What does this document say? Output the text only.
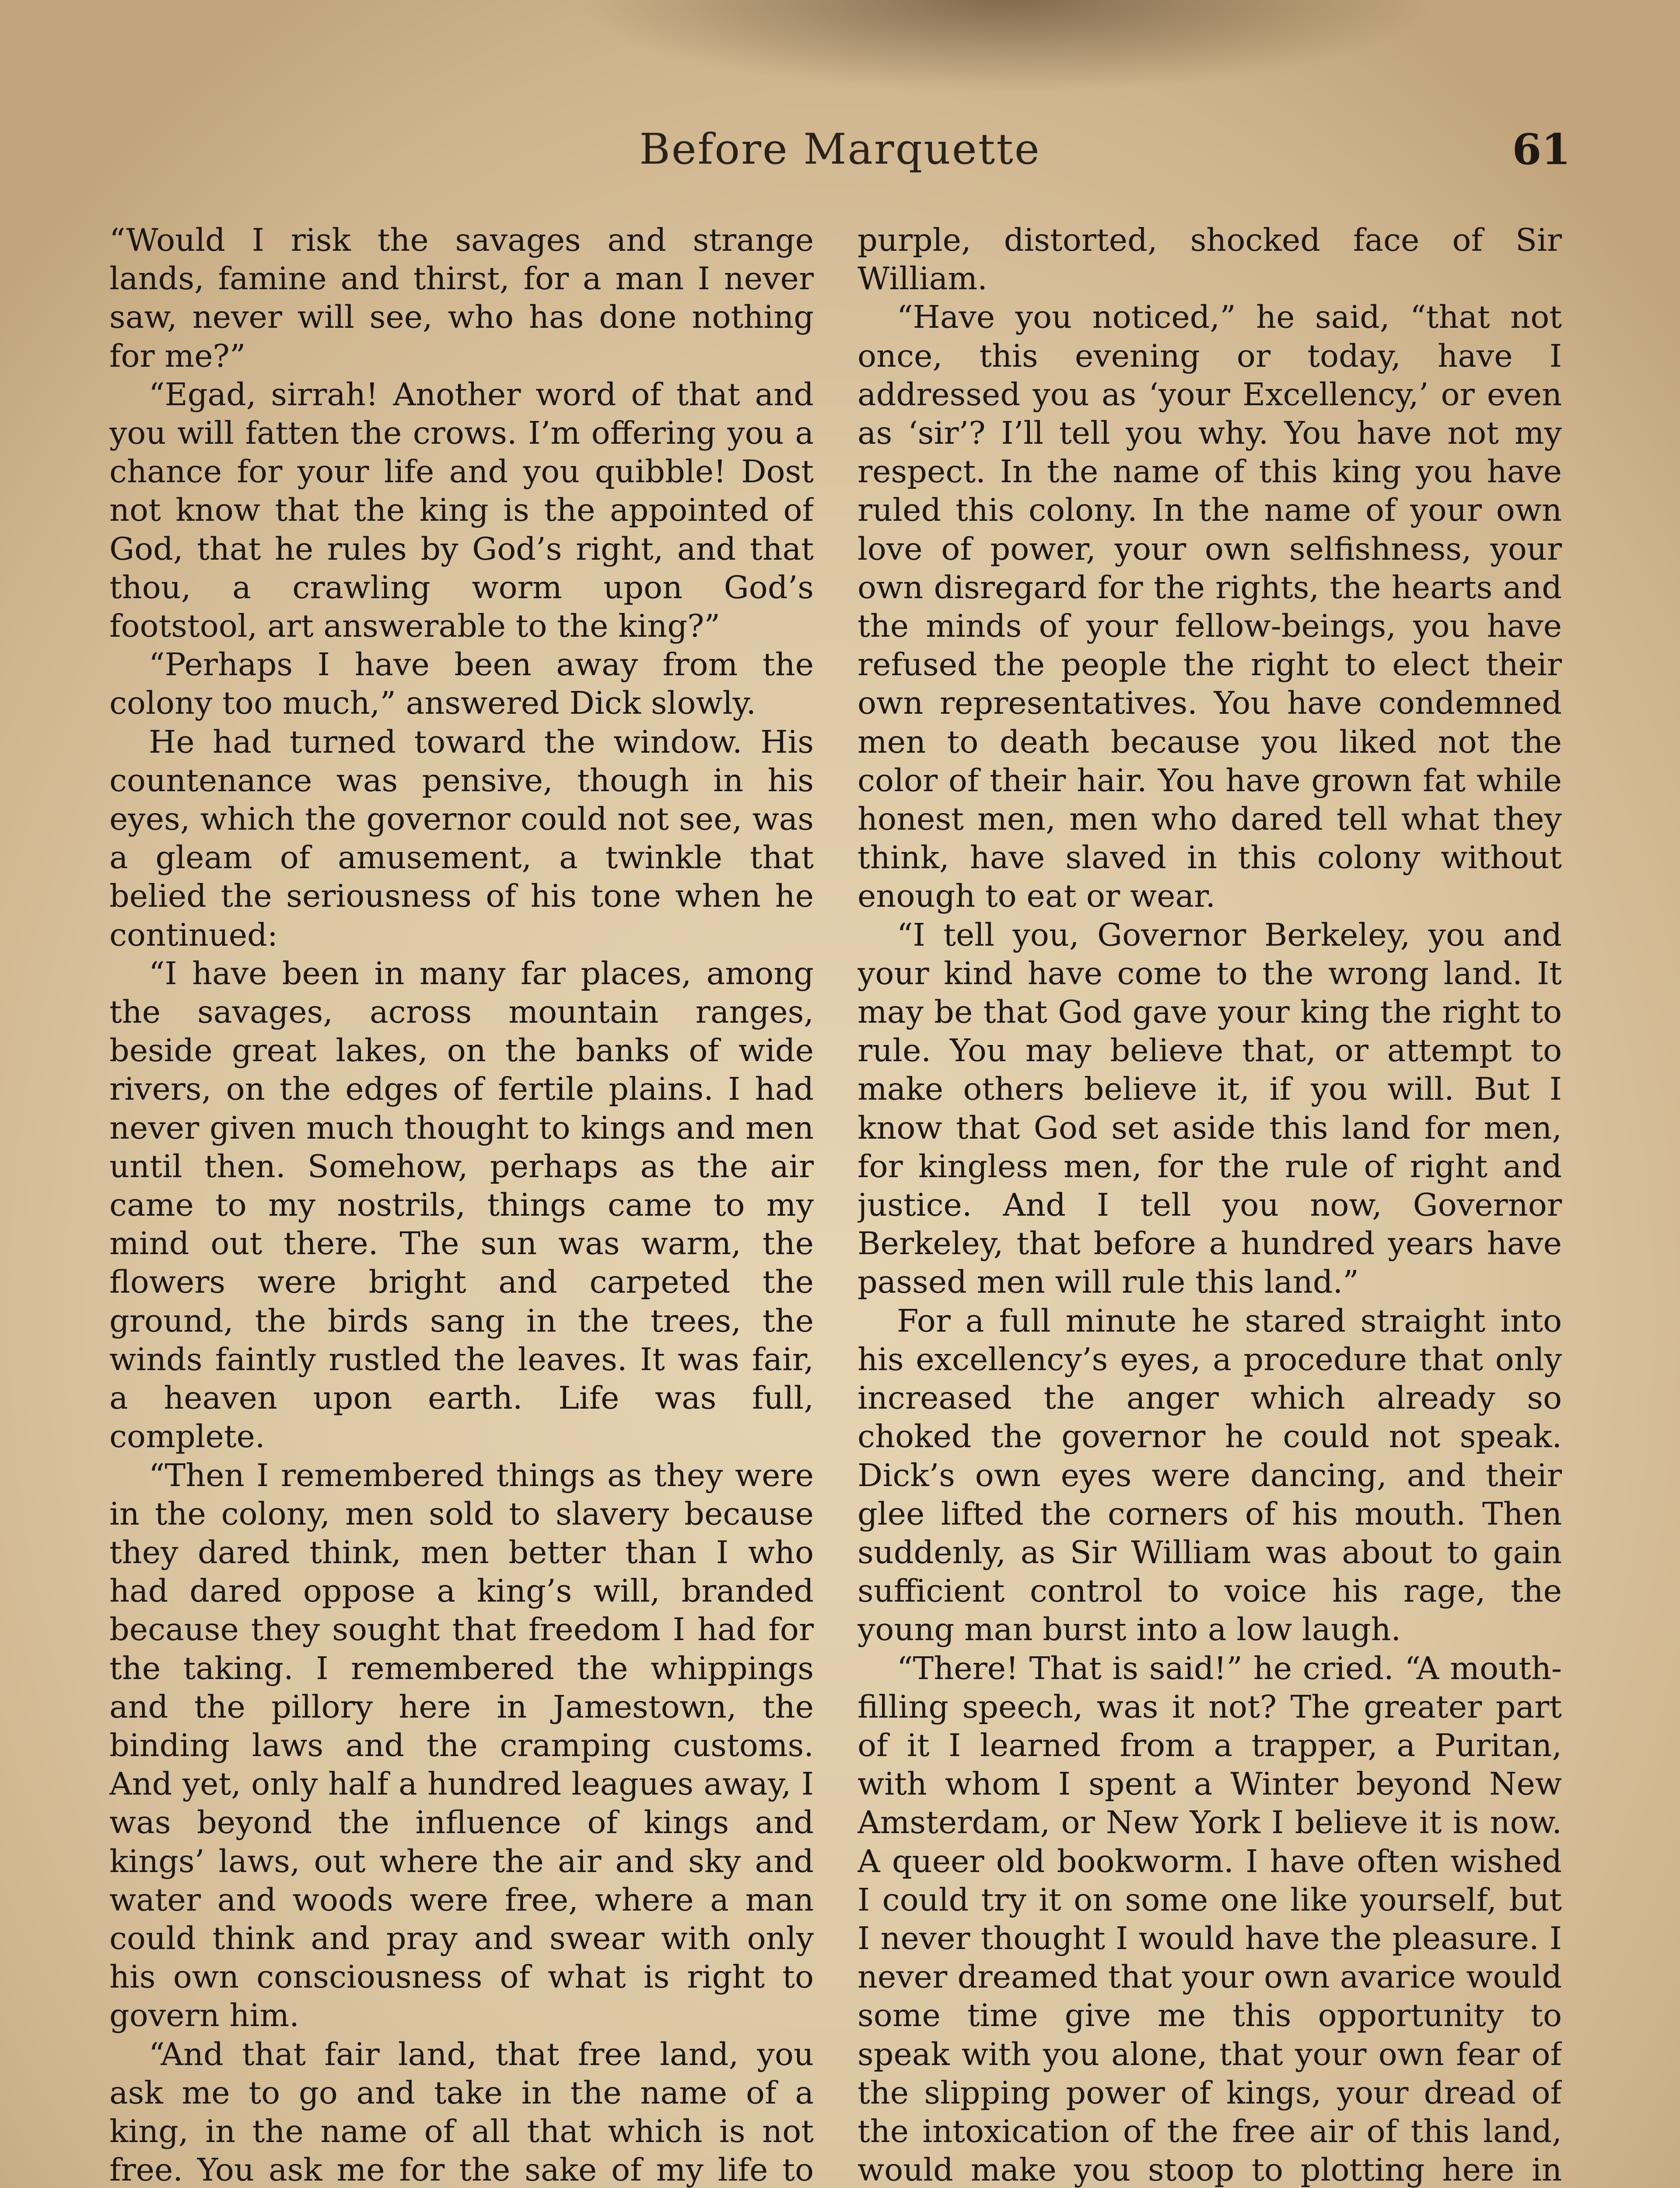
Before Marquette	61

“Would I risk the savages and strange lands, famine and thirst, for a man I never saw, never will see, who has done nothing for me?”

“Egad, sirrah! Another word of that and you will fatten the crows. I’m offering you a chance for your life and you quibble! Dost not know that the king is the appointed of God, that he rules by God’s right, and that thou, a crawling worm upon God’s footstool, art answerable to the king?”

“Perhaps I have been away from the colony too much,” answered Dick slowly.

He had turned toward the window. His countenance was pensive, though in his eyes, which the governor could not see, was a gleam of amusement, a twinkle that belied the seriousness of his tone when he continued:

“I have been in many far places, among the savages, across mountain ranges, beside great lakes, on the banks of wide rivers, on the edges of fertile plains. I had never given much thought to kings and men until then. Somehow, perhaps as the air came to my nostrils, things came to my mind out there. The sun was warm, the flowers were bright and carpeted the ground, the birds sang in the trees, the winds faintly rustled the leaves. It was fair, a heaven upon earth. Life was full, complete.

“Then I remembered things as they were in the colony, men sold to slavery because they dared think, men better than I who had dared oppose a king’s will, branded because they sought that freedom I had for the taking. I remembered the whippings and the pillory here in Jamestown, the binding laws and the cramping customs. And yet, only half a hundred leagues away, I was beyond the influence of kings and kings’ laws, out where the air and sky and water and woods were free, where a man could think and pray and swear with only his own consciousness of what is right to govern him.

“And that fair land, that free land, you ask me to go and take in the name of a king, in the name of all that which is not free. You ask me for the sake of my life to

purple, distorted, shocked face of Sir William.

“Have you noticed,” he said, “that not once, this evening or today, have I addressed you as ‘your Excellency,’ or even as ‘sir’? I’ll tell you why. You have not my respect. In the name of this king you have ruled this colony. In the name of your own love of power, your own selfishness, your own disregard for the rights, the hearts and the minds of your fellow-beings, you have refused the people the right to elect their own representatives. You have condemned men to death because you liked not the color of their hair. You have grown fat while honest men, men who dared tell what they think, have slaved in this colony without enough to eat or wear.

“I tell you, Governor Berkeley, you and your kind have come to the wrong land. It may be that God gave your king the right to rule. You may believe that, or attempt to make others believe it, if you will. But I know that God set aside this land for men, for kingless men, for the rule of right and justice. And I tell you now, Governor Berkeley, that before a hundred years have passed men will rule this land.”

For a full minute he stared straight into his excellency’s eyes, a procedure that only increased the anger which already so choked the governor he could not speak. Dick’s own eyes were dancing, and their glee lifted the corners of his mouth. Then suddenly, as Sir William was about to gain sufficient control to voice his rage, the young man burst into a low laugh.

“There! That is said!” he cried. “A mouth-filling speech, was it not? The greater part of it I learned from a trapper, a Puritan, with whom I spent a Winter beyond New Amsterdam, or New York I believe it is now. A queer old bookworm. I have often wished I could try it on some one like yourself, but I never thought I would have the pleasure. I never dreamed that your own avarice would some time give me this opportunity to speak with you alone, that your own fear of the slipping power of kings, your dread of the intoxication of the free air of this land, would make you stoop to plotting here in
